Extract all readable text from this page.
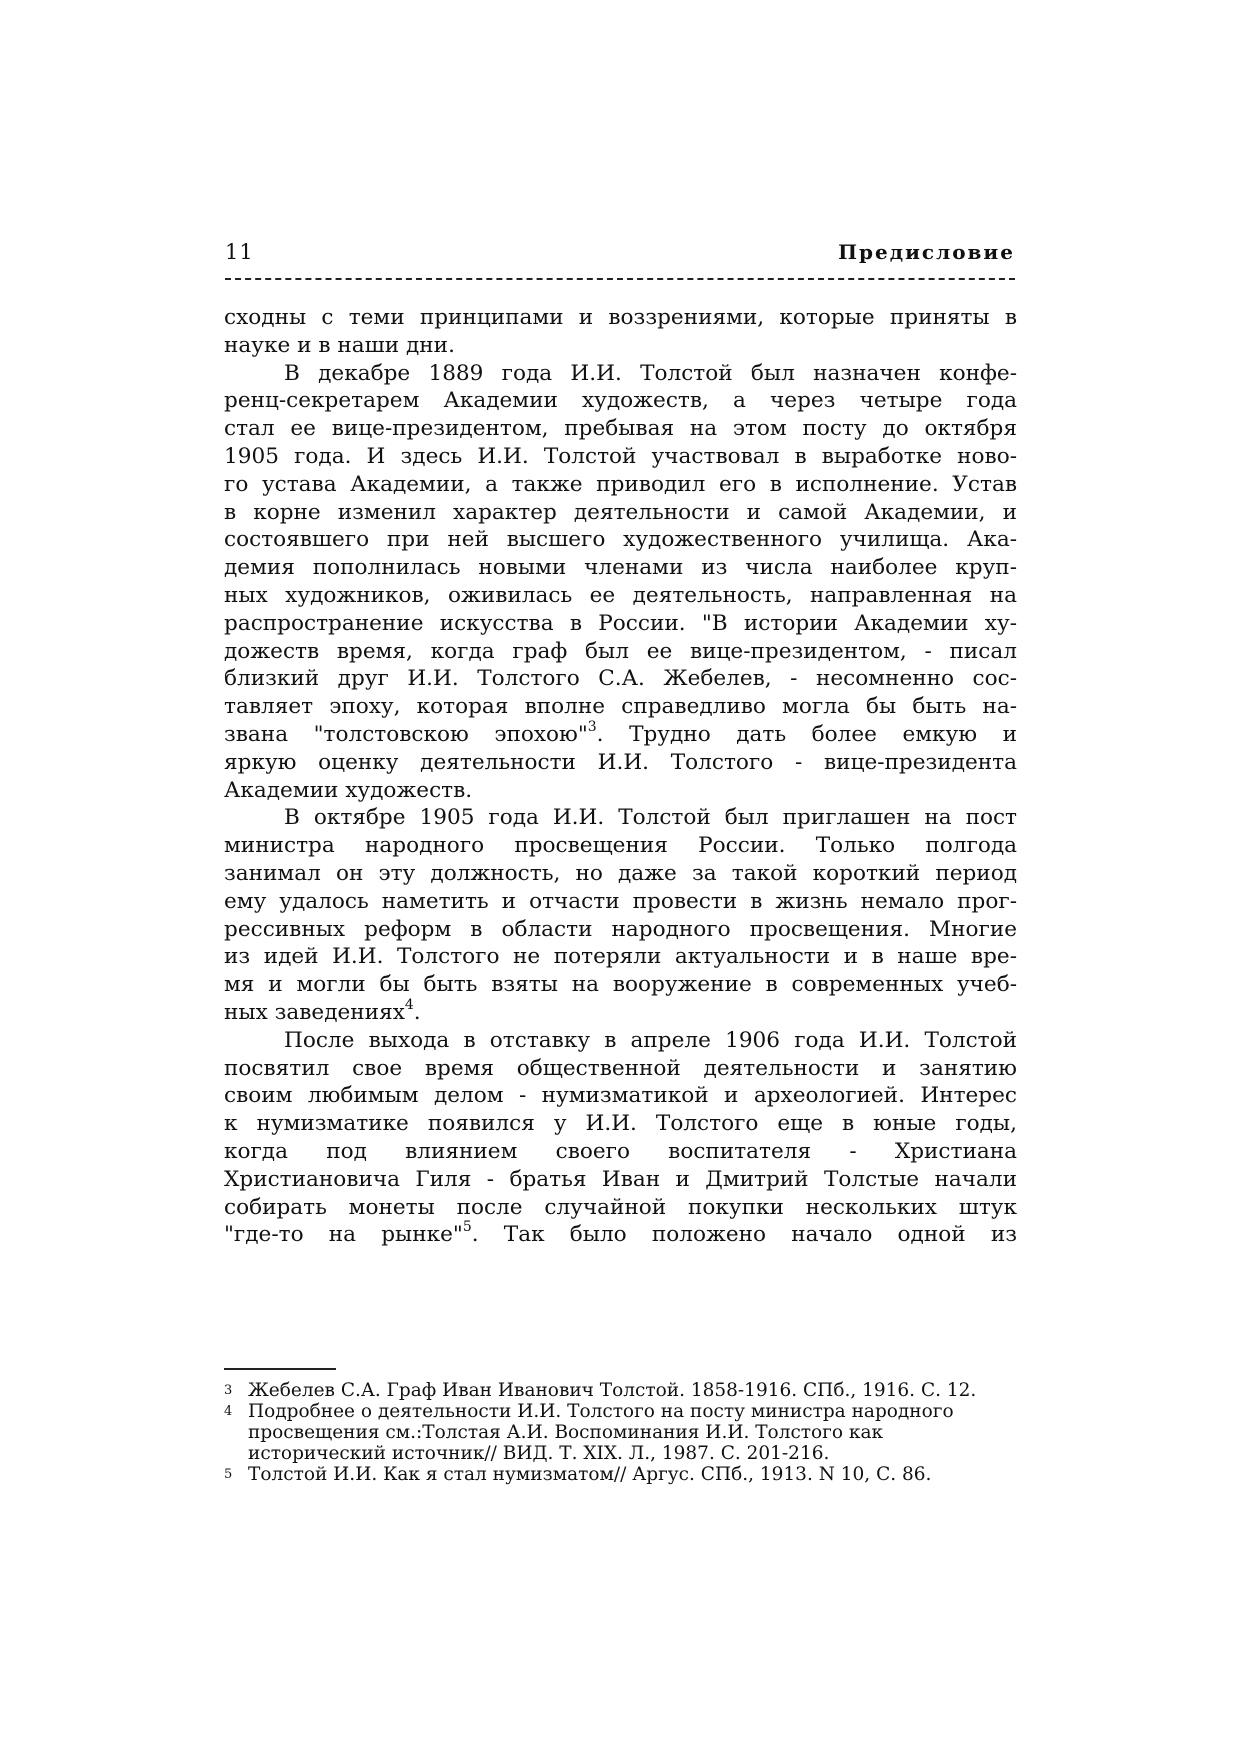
11	Предисловие
сходны с теми принципами и воззрениями, которые приняты в
науке и в наши дни.
В декабре 1889 года И.И. Толстой был назначен конфе-
ренц-секретарем Академии художеств, а через четыре года
стал ее вице-президентом, пребывая на этом посту до октября
1905 года. И здесь И.И. Толстой участвовал в выработке ново-
го устава Академии, а также приводил его в исполнение. Устав
в корне изменил характер деятельности и самой Академии, и
состоявшего при ней высшего художественного училища. Ака-
демия пополнилась новыми членами из числа наиболее круп-
ных художников, оживилась ее деятельность, направленная на
распространение искусства в России. "В истории Академии ху-
дожеств время, когда граф был ее вице-президентом, - писал
близкий друг И.И. Толстого С.А. Жебелев, - несомненно сос-
тавляет эпоху, которая вполне справедливо могла бы быть на-
звана "толстовскою эпохою"$^3$. Трудно дать более емкую и
яркую оценку деятельности И.И. Толстого - вице-президента
Академии художеств.
В октябре 1905 года И.И. Толстой был приглашен на пост
министра народного просвещения России. Только полгода
занимал он эту должность, но даже за такой короткий период
ему удалось наметить и отчасти провести в жизнь немало прог-
рессивных реформ в области народного просвещения. Многие
из идей И.И. Толстого не потеряли актуальности и в наше вре-
мя и могли бы быть взяты на вооружение в современных учеб-
ных заведениях$^4$.
После выхода в отставку в апреле 1906 года И.И. Толстой
посвятил свое время общественной деятельности и занятию
своим любимым делом - нумизматикой и археологией. Интерес
к нумизматике появился у И.И. Толстого еще в юные годы,
когда под влиянием своего воспитателя - Христиана
Христиановича Гиля - братья Иван и Дмитрий Толстые начали
собирать монеты после случайной покупки нескольких штук
"где-то на рынке"$^5$. Так было положено начало одной из
3 Жебелев С.А. Граф Иван Иванович Толстой. 1858-1916. СПб., 1916. С. 12.
4 Подробнее о деятельности И.И. Толстого на посту министра народного просвещения см.:Толстая А.И. Воспоминания И.И. Толстого как исторический источник// ВИД. Т. XIX. Л., 1987. С. 201-216.
5 Толстой И.И. Как я стал нумизматом// Аргус. СПб., 1913. N 10, С. 86.
